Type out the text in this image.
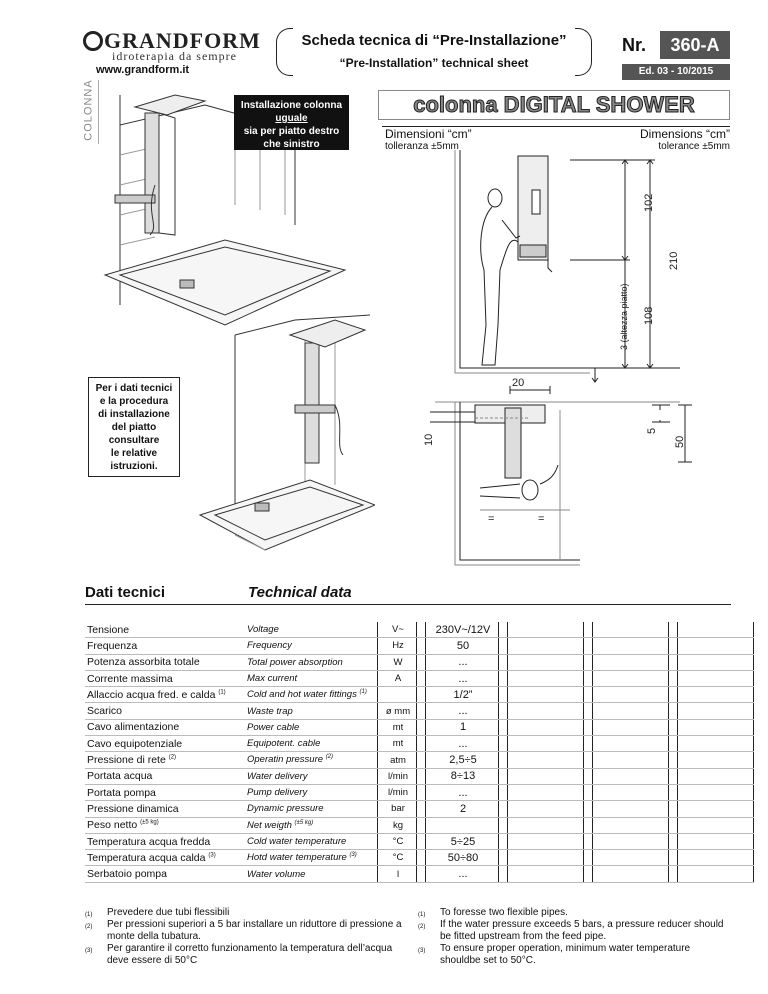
GRANDFORM
idroterapia da sempre
www.grandform.it
Scheda tecnica di “Pre-Installazione”
“Pre-Installation” technical sheet
Nr.	360-A
Ed. 03 - 10/2015
COLONNA	Installazione colonna
uguale
sia per piatto destro
che sinistro
Per i dati tecnici
e la procedura
di installazione
del piatto
consultare
le relative
istruzioni.
colonna DIGITAL SHOWER
Dimensioni “cm”	Dimensions “cm”
tolleranza ±5mm	tolerance ±5mm
102
210
108
3 (altezza piatto)
20
10
5
50
=	=
Dati tecnici	Technical data
Tensione	Voltage	V~		230V~/12V						
Frequenza	Frequency	Hz		50						
Potenza assorbita totale	Total power absorption	W		...						
Corrente massima	Max current	A		...						
Allaccio acqua fred. e calda $^{(1)}$	Cold and hot water fittings $^{(1)}$			1/2”						
Scarico	Waste trap	ø mm		...						
Cavo alimentazione	Power cable	mt		1						
Cavo equipotenziale	Equipotent. cable	mt		...						
Pressione di rete $^{(2)}$	Operatin pressure $^{(2)}$	atm		2,5÷5						
Portata acqua	Water delivery	l/min		8÷13						
Portata pompa	Pump delivery	l/min		...						
Pressione dinamica	Dynamic pressure	bar		2						
Peso netto $^{(\pm 5 kg)}$	Net weigth $^{(\pm 5 kg)}$	kg								
Temperatura acqua fredda	Cold water temperature	°C		5÷25						
Temperatura acqua calda $^{(3)}$	Hotd water temperature $^{(3)}$	°C		50÷80						
Serbatoio pompa	Water volume	l		...						
(1) Prevedere due tubi flessibili
(2) Per pressioni superiori a 5 bar installare un riduttore di pressione a monte della tubatura.
(3) Per garantire il corretto funzionamento la temperatura dell’acqua deve essere di 50°C
(1) To foresse two flexible pipes.
(2) If the water pressure exceeds 5 bars, a pressure reducer should be fitted upstream from the feed pipe.
(3) To ensure proper operation, minimum water temperature shouldbe set to 50°C.
